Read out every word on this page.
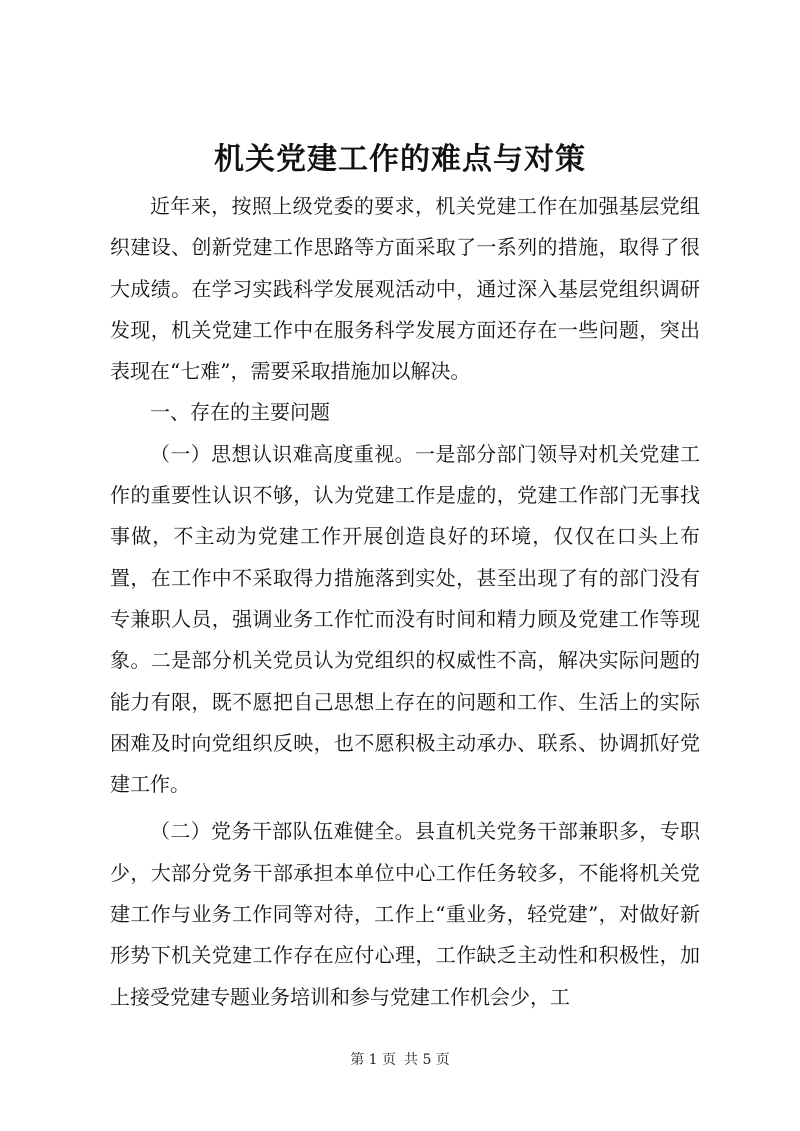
机关党建工作的难点与对策

近年来，按照上级党委的要求，机关党建工作在加强基层党组织建设、创新党建工作思路等方面采取了一系列的措施，取得了很大成绩。在学习实践科学发展观活动中，通过深入基层党组织调研发现，机关党建工作中在服务科学发展方面还存在一些问题，突出表现在“七难”，需要采取措施加以解决。

一、存在的主要问题

（一）思想认识难高度重视。一是部分部门领导对机关党建工作的重要性认识不够，认为党建工作是虚的，党建工作部门无事找事做，不主动为党建工作开展创造良好的环境，仅仅在口头上布置，在工作中不采取得力措施落到实处，甚至出现了有的部门没有专兼职人员，强调业务工作忙而没有时间和精力顾及党建工作等现象。二是部分机关党员认为党组织的权威性不高，解决实际问题的能力有限，既不愿把自己思想上存在的问题和工作、生活上的实际困难及时向党组织反映，也不愿积极主动承办、联系、协调抓好党建工作。

（二）党务干部队伍难健全。县直机关党务干部兼职多，专职少，大部分党务干部承担本单位中心工作任务较多，不能将机关党建工作与业务工作同等对待，工作上“重业务，轻党建”，对做好新形势下机关党建工作存在应付心理，工作缺乏主动性和积极性，加上接受党建专题业务培训和参与党建工作机会少，工

第 1 页 共 5 页
